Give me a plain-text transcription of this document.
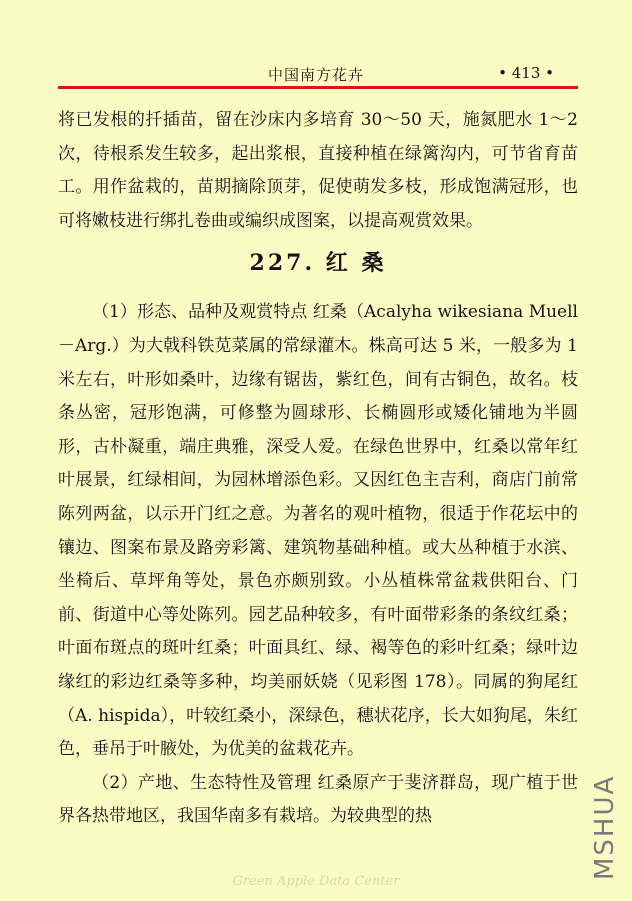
中国南方花卉	• 413 •

将已发根的扦插苗，留在沙床内多培育 30～50 天，施氮肥水 1～2 次，待根系发生较多，起出浆根，直接种植在绿篱沟内，可节省育苗工。用作盆栽的，苗期摘除顶芽，促使萌发多枝，形成饱满冠形，也可将嫩枝进行绑扎卷曲或编织成图案，以提高观赏效果。

227. 红 桑

（1）形态、品种及观赏特点 红桑（Acalyha wikesiana Muell－Arg.）为大戟科铁苋菜属的常绿灌木。株高可达 5 米，一般多为 1 米左右，叶形如桑叶，边缘有锯齿，紫红色，间有古铜色，故名。枝条丛密，冠形饱满，可修整为圆球形、长椭圆形或矮化铺地为半圆形，古朴凝重，端庄典雅，深受人爱。在绿色世界中，红桑以常年红叶展景，红绿相间，为园林增添色彩。又因红色主吉利，商店门前常陈列两盆，以示开门红之意。为著名的观叶植物，很适于作花坛中的镶边、图案布景及路旁彩篱、建筑物基础种植。或大丛种植于水滨、坐椅后、草坪角等处，景色亦颇别致。小丛植株常盆栽供阳台、门前、街道中心等处陈列。园艺品种较多，有叶面带彩条的条纹红桑；叶面布斑点的斑叶红桑；叶面具红、绿、褐等色的彩叶红桑；绿叶边缘红的彩边红桑等多种，均美丽妖娆（见彩图 178）。同属的狗尾红（A. hispida），叶较红桑小，深绿色，穗状花序，长大如狗尾，朱红色，垂吊于叶腋处，为优美的盆栽花卉。

（2）产地、生态特性及管理 红桑原产于斐济群岛，现广植于世界各热带地区，我国华南多有栽培。为较典型的热

Green Apple Data Center
MSHUA
